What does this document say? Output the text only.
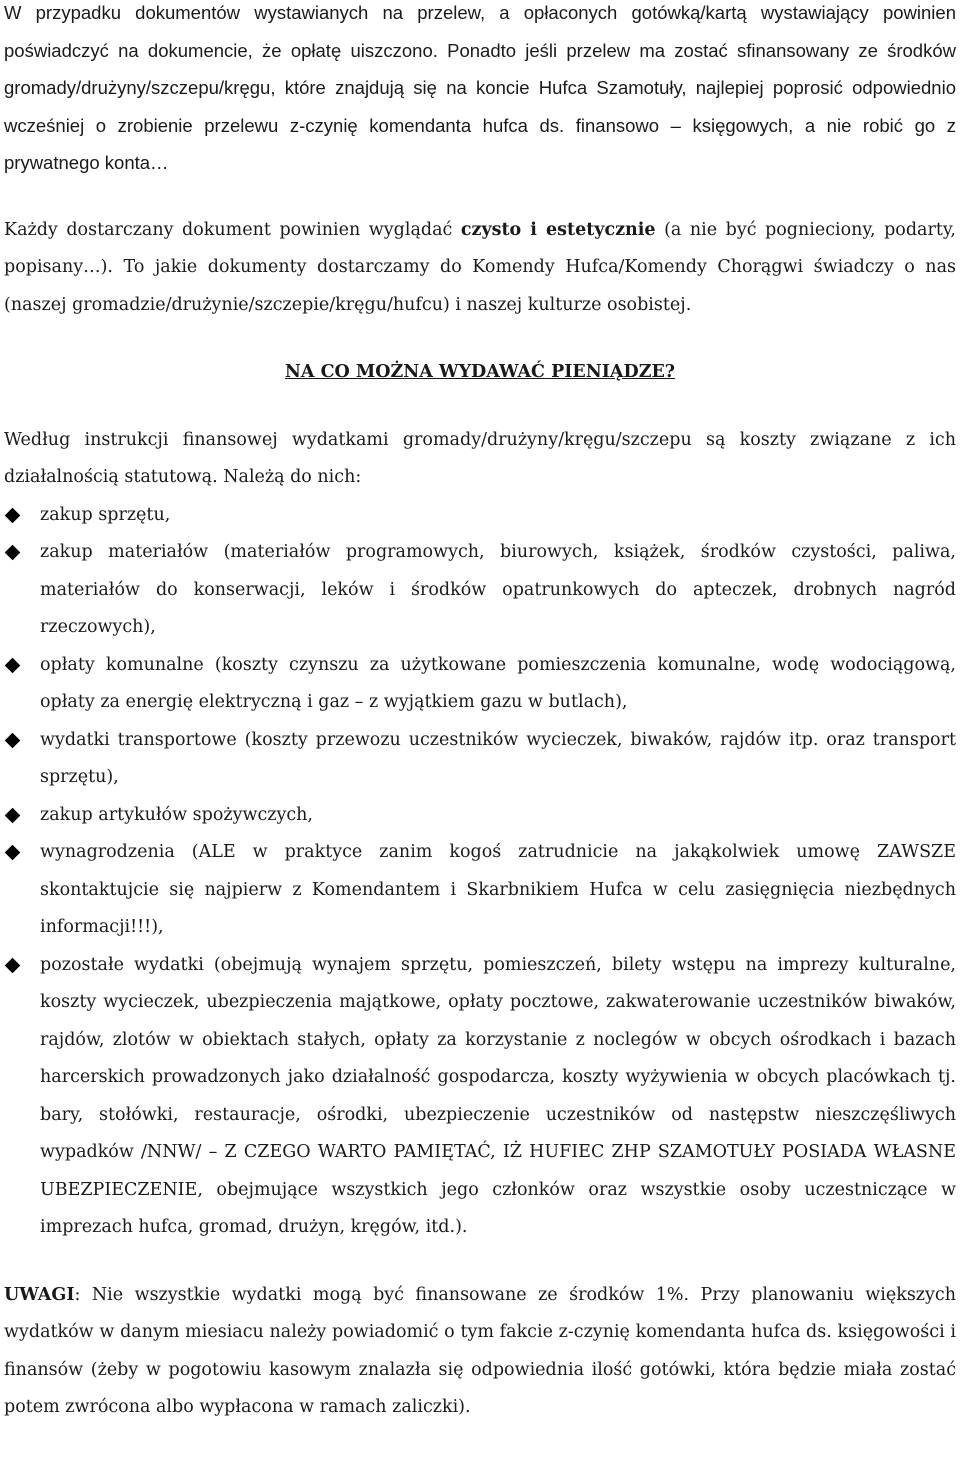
W przypadku dokumentów wystawianych na przelew, a opłaconych gotówką/kartą wystawiający powinien poświadczyć na dokumencie, że opłatę uiszczono. Ponadto jeśli przelew ma zostać sfinansowany ze środków gromady/drużyny/szczepu/kręgu, które znajdują się na koncie Hufca Szamotuły, najlepiej poprosić odpowiednio wcześniej o zrobienie przelewu z-czynię komendanta hufca ds. finansowo – księgowych, a nie robić go z prywatnego konta…

Każdy dostarczany dokument powinien wyglądać czysto i estetycznie (a nie być pognieciony, podarty, popisany…). To jakie dokumenty dostarczamy do Komendy Hufca/Komendy Chorągwi świadczy o nas (naszej gromadzie/drużynie/szczepie/kręgu/hufcu) i naszej kulturze osobistej.

NA CO MOŻNA WYDAWAĆ PIENIĄDZE?

Według instrukcji finansowej wydatkami gromady/drużyny/kręgu/szczepu są koszty związane z ich działalnością statutową. Należą do nich:

zakup sprzętu,
zakup materiałów (materiałów programowych, biurowych, książek, środków czystości, paliwa, materiałów do konserwacji, leków i środków opatrunkowych do apteczek, drobnych nagród rzeczowych),
opłaty komunalne (koszty czynszu za użytkowane pomieszczenia komunalne, wodę wodociągową, opłaty za energię elektryczną i gaz – z wyjątkiem gazu w butlach),
wydatki transportowe (koszty przewozu uczestników wycieczek, biwaków, rajdów itp. oraz transport sprzętu),
zakup artykułów spożywczych,
wynagrodzenia (ALE w praktyce zanim kogoś zatrudnicie na jakąkolwiek umowę ZAWSZE skontaktujcie się najpierw z Komendantem i Skarbnikiem Hufca w celu zasięgnięcia niezbędnych informacji!!!),
pozostałe wydatki (obejmują wynajem sprzętu, pomieszczeń, bilety wstępu na imprezy kulturalne, koszty wycieczek, ubezpieczenia majątkowe, opłaty pocztowe, zakwaterowanie uczestników biwaków, rajdów, zlotów w obiektach stałych, opłaty za korzystanie z noclegów w obcych ośrodkach i bazach harcerskich prowadzonych jako działalność gospodarcza, koszty wyżywienia w obcych placówkach tj. bary, stołówki, restauracje, ośrodki, ubezpieczenie uczestników od następstw nieszczęśliwych wypadków /NNW/ – Z CZEGO WARTO PAMIĘTAĆ, IŻ HUFIEC ZHP SZAMOTUŁY POSIADA WŁASNE UBEZPIECZENIE, obejmujące wszystkich jego członków oraz wszystkie osoby uczestniczące w imprezach hufca, gromad, drużyn, kręgów, itd.).

UWAGI: Nie wszystkie wydatki mogą być finansowane ze środków 1%. Przy planowaniu większych wydatków w danym miesiacu należy powiadomić o tym fakcie z-czynię komendanta hufca ds. księgowości i finansów (żeby w pogotowiu kasowym znalazła się odpowiednia ilość gotówki, która będzie miała zostać potem zwrócona albo wypłacona w ramach zaliczki).
